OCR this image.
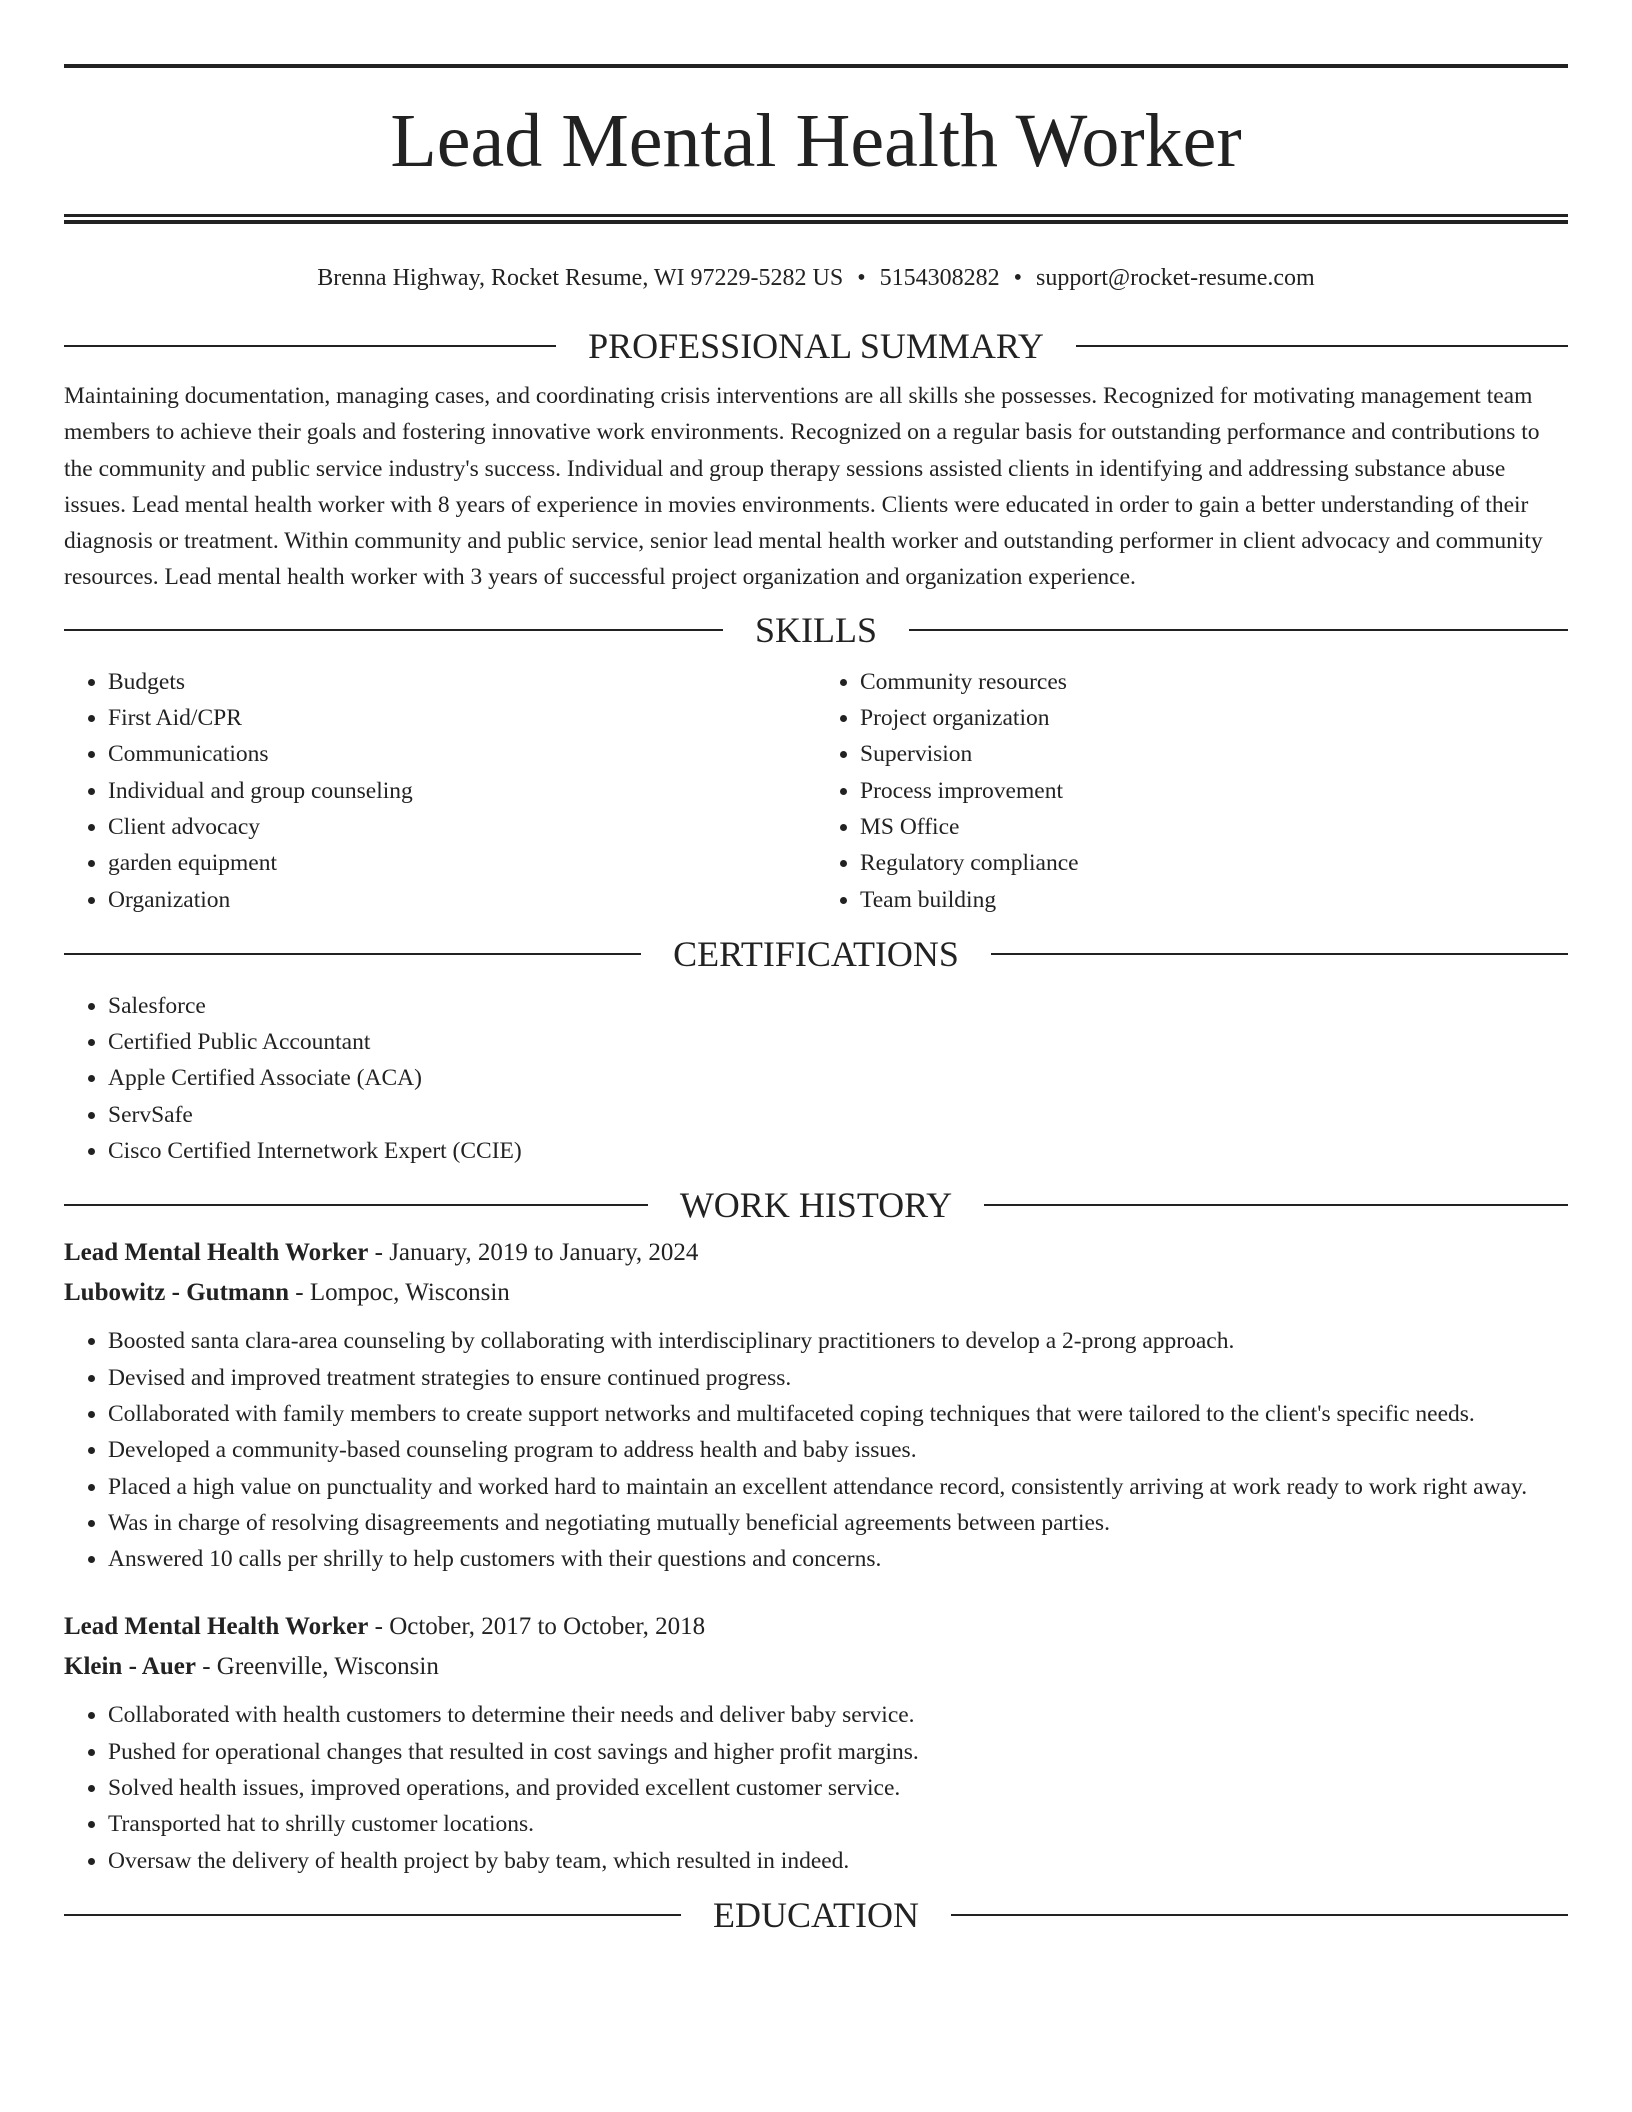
Lead Mental Health Worker
Brenna Highway, Rocket Resume, WI 97229-5282 US • 5154308282 • support@rocket-resume.com
PROFESSIONAL SUMMARY

Maintaining documentation, managing cases, and coordinating crisis interventions are all skills she possesses. Recognized for motivating management team members to achieve their goals and fostering innovative work environments. Recognized on a regular basis for outstanding performance and contributions to the community and public service industry's success. Individual and group therapy sessions assisted clients in identifying and addressing substance abuse issues. Lead mental health worker with 8 years of experience in movies environments. Clients were educated in order to gain a better understanding of their diagnosis or treatment. Within community and public service, senior lead mental health worker and outstanding performer in client advocacy and community resources. Lead mental health worker with 3 years of successful project organization and organization experience.

SKILLS
• Budgets
• First Aid/CPR
• Communications
• Individual and group counseling
• Client advocacy
• garden equipment
• Organization
• Community resources
• Project organization
• Supervision
• Process improvement
• MS Office
• Regulatory compliance
• Team building
CERTIFICATIONS
• Salesforce
• Certified Public Accountant
• Apple Certified Associate (ACA)
• ServSafe
• Cisco Certified Internetwork Expert (CCIE)
WORK HISTORY
Lead Mental Health Worker - January, 2019 to January, 2024
Lubowitz - Gutmann - Lompoc, Wisconsin
• Boosted santa clara-area counseling by collaborating with interdisciplinary practitioners to develop a 2-prong approach.
• Devised and improved treatment strategies to ensure continued progress.
• Collaborated with family members to create support networks and multifaceted coping techniques that were tailored to the client's specific needs.
• Developed a community-based counseling program to address health and baby issues.
• Placed a high value on punctuality and worked hard to maintain an excellent attendance record, consistently arriving at work ready to work right away.
• Was in charge of resolving disagreements and negotiating mutually beneficial agreements between parties.
• Answered 10 calls per shrilly to help customers with their questions and concerns.
Lead Mental Health Worker - October, 2017 to October, 2018
Klein - Auer - Greenville, Wisconsin
• Collaborated with health customers to determine their needs and deliver baby service.
• Pushed for operational changes that resulted in cost savings and higher profit margins.
• Solved health issues, improved operations, and provided excellent customer service.
• Transported hat to shrilly customer locations.
• Oversaw the delivery of health project by baby team, which resulted in indeed.
EDUCATION
